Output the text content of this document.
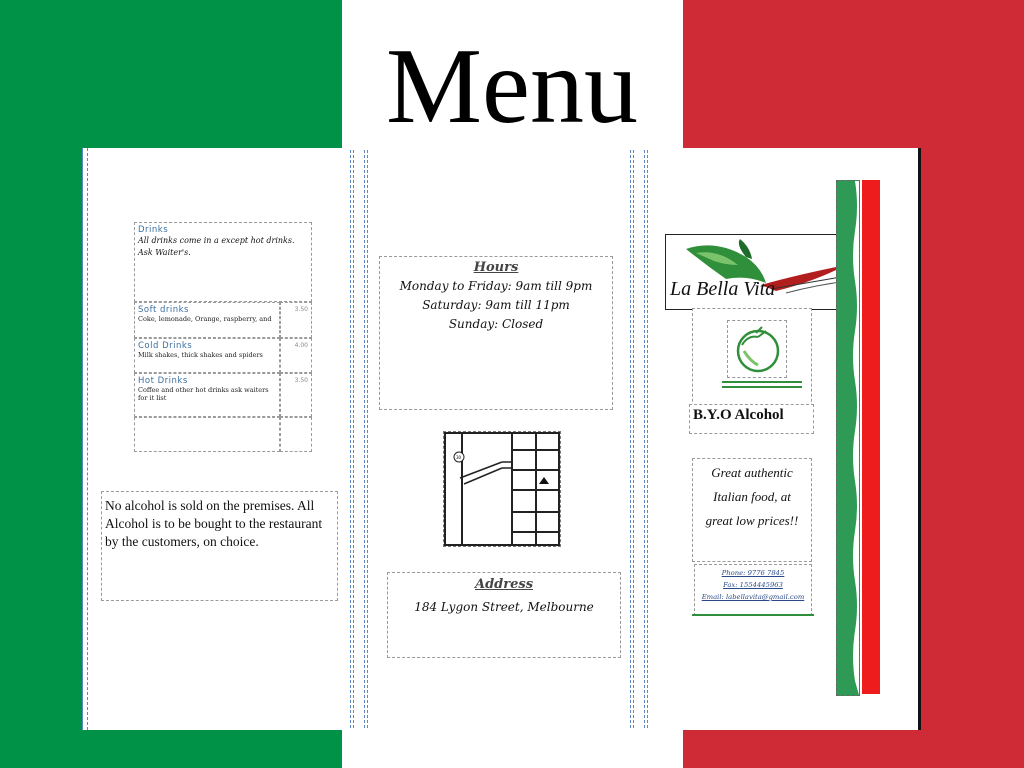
Menu
Drinks
All drinks come in a except hot drinks. Ask Waiter's.
Soft drinks
Coke, lemonade, Orange, raspberry, and
3.50
Cold Drinks
Milk shakes, thick shakes and spiders
4.00
Hot Drinks
Coffee and other hot drinks ask waiters for it list
3.50
No alcohol is sold on the premises. All Alcohol is to be bought to the restaurant by the customers, on choice.
Hours
Monday to Friday: 9am till 9pm
Saturday: 9am till 11pm
Sunday: Closed
30
Address
184 Lygon Street, Melbourne
La Bella Vita
B.Y.O Alcohol
Great authentic Italian food, at great low prices!!
Phone: 9776 7845
Fax: 1554445963
Email: labellavita@gmail.com
